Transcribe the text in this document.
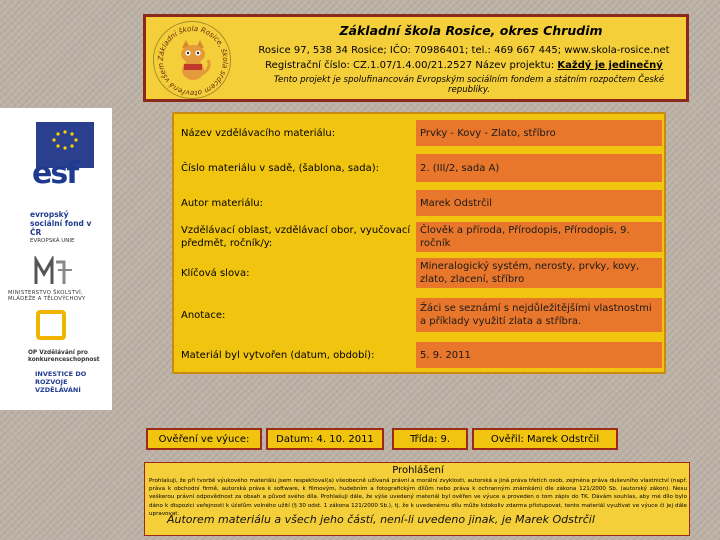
Základní škola Rosice, škola srdcem otevřená všem
Základní škola Rosice, okres Chrudim
Rosice 97, 538 34 Rosice; IČO: 70986401; tel.: 469 667 445; www.skola-rosice.net
Registrační číslo: CZ.1.07/1.4.00/21.2527 Název projektu: Každý je jedinečný
Tento projekt je spolufinancován Evropským sociálním fondem a státním rozpočtem České republiky.
esf
evropský sociální fond v ČR
EVROPSKÁ UNIE
MINISTERSTVO ŠKOLSTVÍ, MLÁDEŽE A TĚLOVÝCHOVY
OP Vzdělávání pro konkurenceschopnost
INVESTICE DO ROZVOJE VZDĚLÁVÁNÍ
Název vzdělávacího materiálu:	Prvky - Kovy - Zlato, stříbro
Číslo materiálu v sadě, (šablona, sada):	2. (III/2, sada A)
Autor materiálu:	Marek Odstrčil
Vzdělávací oblast, vzdělávací obor, vyučovací předmět, ročník/y:
Člověk a příroda, Přírodopis, Přírodopis, 9. ročník
Klíčová slova:
Mineralogický systém, nerosty, prvky, kovy, zlato, zlacení, stříbro
Anotace:
Žáci se seznámí s nejdůležitějšími vlastnostmi a příklady využití zlata a stříbra.
Materiál byl vytvořen (datum, období):	5. 9. 2011
Ověření ve výuce:	Datum: 4. 10. 2011	Třída: 9.	Ověřil: Marek Odstrčil
Prohlášení
Prohlašuji, že při tvorbě výukového materiálu jsem respektoval(a) všeobecně užívaná právní a morální zvyklosti, autorská a jiná práva třetích osob, zejména práva duševního vlastnictví (např. práva k obchodní firmě, autorská práva k software, k filmovým, hudebním a fotografickým dílům nebo práva k ochranným známkám) dle zákona 121/2000 Sb. (autorský zákon). Nesu veškerou právní odpovědnost za obsah a původ svého díla. Prohlašuji dále, že výše uvedený materiál byl ověřen ve výuce a proveden o tom zápis do TK. Dávám souhlas, aby mé dílo bylo dáno k dispozici veřejnosti k účelům volného užití (§ 30 odst. 1 zákona 121/2000 Sb.), tj. že k uvedenému dílu může kdokoliv zdarma přistupovat, tento materiál využívat ve výuce či jej dále upravovat.
Autorem materiálu a všech jeho částí, není-li uvedeno jinak, je Marek Odstrčil
